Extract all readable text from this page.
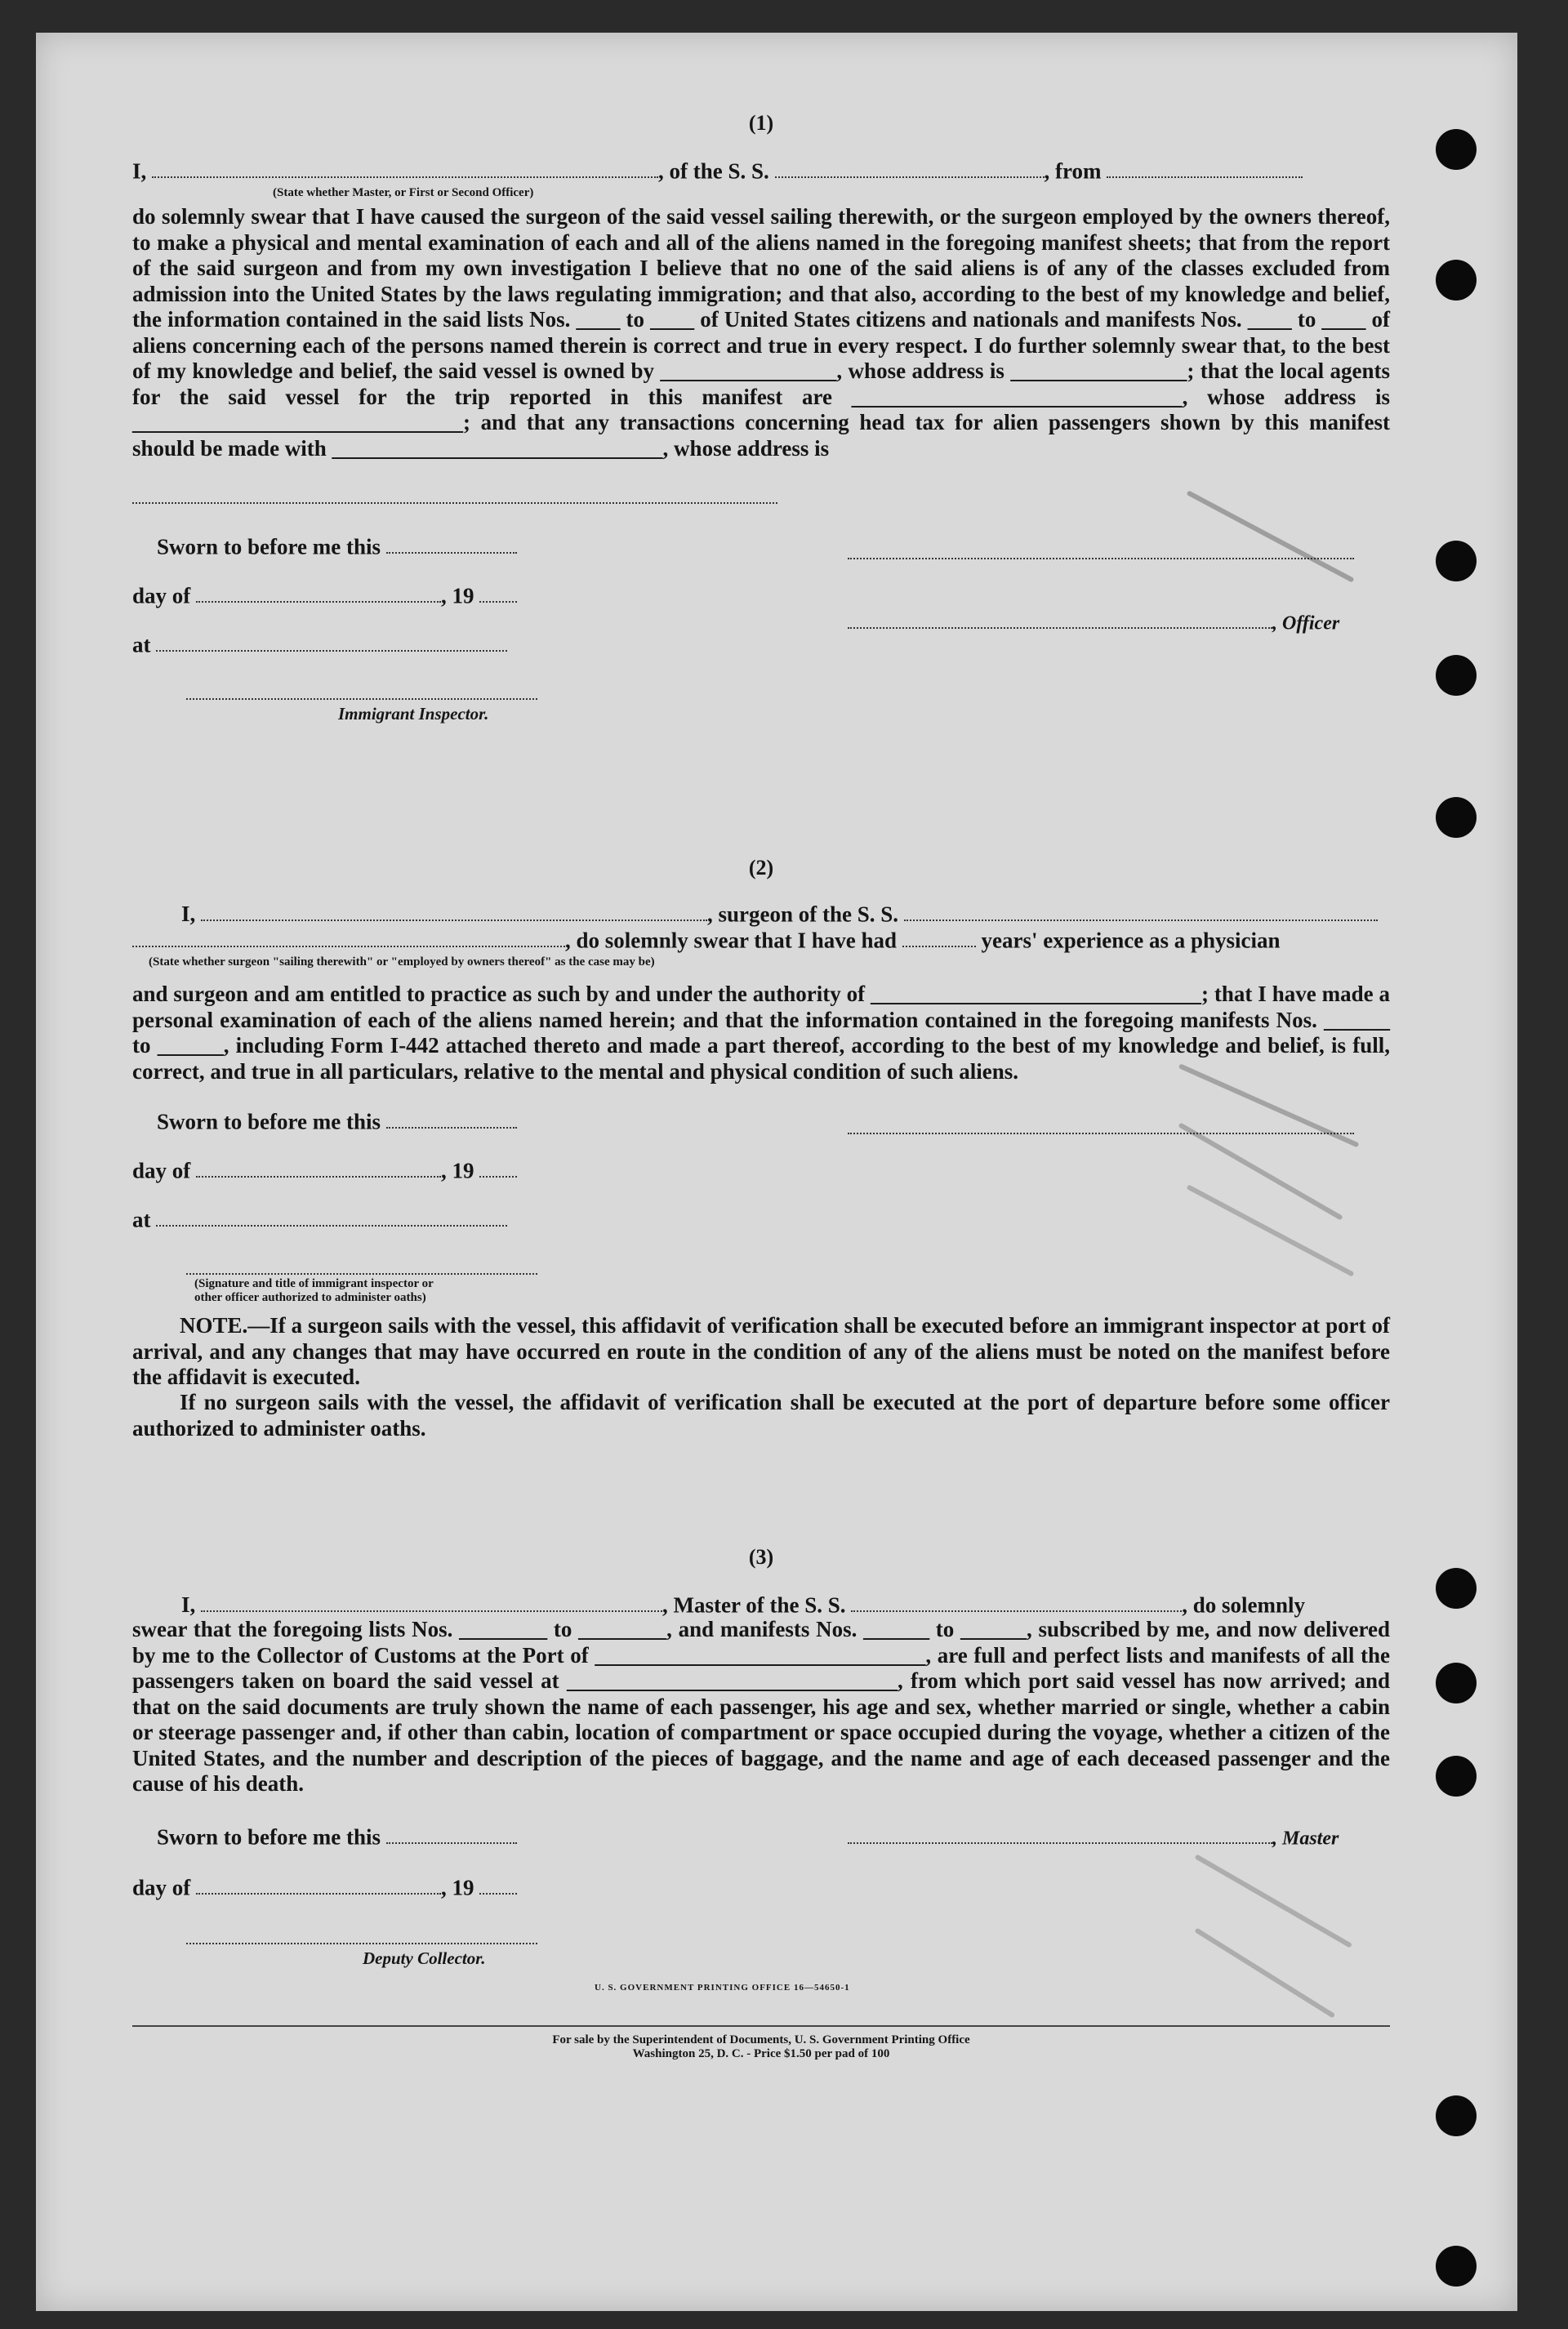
(1)
I,	, of the S. S.	, from
(State whether Master, or First or Second Officer)
do solemnly swear that I have caused the surgeon of the said vessel sailing therewith, or the surgeon employed by the owners thereof, to make a physical and mental examination of each and all of the aliens named in the foregoing manifest sheets; that from the report of the said surgeon and from my own investigation I believe that no one of the said aliens is of any of the classes excluded from admission into the United States by the laws regulating immigration; and that also, according to the best of my knowledge and belief, the information contained in the said lists Nos. ____ to ____ of United States citizens and nationals and manifests Nos. ____ to ____ of aliens concerning each of the persons named therein is correct and true in every respect. I do further solemnly swear that, to the best of my knowledge and belief, the said vessel is owned by ________________, whose address is ________________; that the local agents for the said vessel for the trip reported in this manifest are ______________________________, whose address is ______________________________; and that any transactions concerning head tax for alien passengers shown by this manifest should be made with ______________________________, whose address is
Sworn to before me this
day of	, 19
, Officer
at
Immigrant Inspector.
(2)
I,	, surgeon of the S. S.
, do solemnly swear that I have had	years' experience as a physician
(State whether surgeon "sailing therewith" or "employed by owners thereof" as the case may be)
and surgeon and am entitled to practice as such by and under the authority of ______________________________; that I have made a personal examination of each of the aliens named herein; and that the information contained in the foregoing manifests Nos. ______ to ______, including Form I-442 attached thereto and made a part thereof, according to the best of my knowledge and belief, is full, correct, and true in all particulars, relative to the mental and physical condition of such aliens.
Sworn to before me this
day of	, 19
at
(Signature and title of immigrant inspector or
other officer authorized to administer oaths)
NOTE.—If a surgeon sails with the vessel, this affidavit of verification shall be executed before an immigrant inspector at port of arrival, and any changes that may have occurred en route in the condition of any of the aliens must be noted on the manifest before the affidavit is executed.
If no surgeon sails with the vessel, the affidavit of verification shall be executed at the port of departure before some officer authorized to administer oaths.
(3)
I,	, Master of the S. S.	, do solemnly
swear that the foregoing lists Nos. ________ to ________, and manifests Nos. ______ to ______, subscribed by me, and now delivered by me to the Collector of Customs at the Port of ______________________________, are full and perfect lists and manifests of all the passengers taken on board the said vessel at ______________________________, from which port said vessel has now arrived; and that on the said documents are truly shown the name of each passenger, his age and sex, whether married or single, whether a cabin or steerage passenger and, if other than cabin, location of compartment or space occupied during the voyage, whether a citizen of the United States, and the number and description of the pieces of baggage, and the name and age of each deceased passenger and the cause of his death.
Sworn to before me this	, Master
day of	, 19
Deputy Collector.
U. S. GOVERNMENT PRINTING OFFICE 16—54650-1
For sale by the Superintendent of Documents, U. S. Government Printing Office
Washington 25, D. C. - Price $1.50 per pad of 100
